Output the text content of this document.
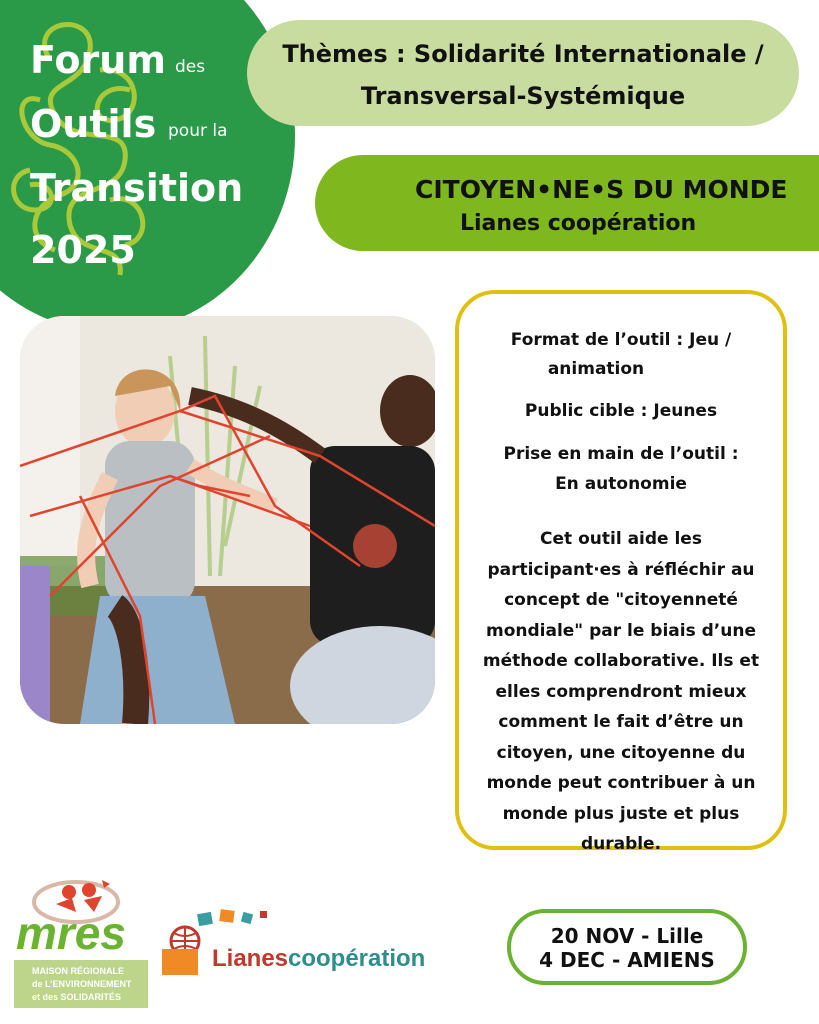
Forum des
Outils pour la
Transition
2025
Thèmes : Solidarité Internationale /
Transversal-Systémique
CITOYEN•NE•S DU MONDE
Lianes coopération
Format de l’outil : Jeu /
animation
Public cible : Jeunes
Prise en main de l’outil :
En autonomie
Cet outil aide les participant·es à réfléchir au concept de "citoyenneté mondiale" par le biais d’une méthode collaborative. Ils et elles comprendront mieux comment le fait d’être un citoyen, une citoyenne du monde peut contribuer à un monde plus juste et plus durable.
mres
MAISON RÉGIONALE
de L’ENVIRONNEMENT
et des SOLIDARITÉS
Lianes coopération
20 NOV - Lille
4 DEC - AMIENS
